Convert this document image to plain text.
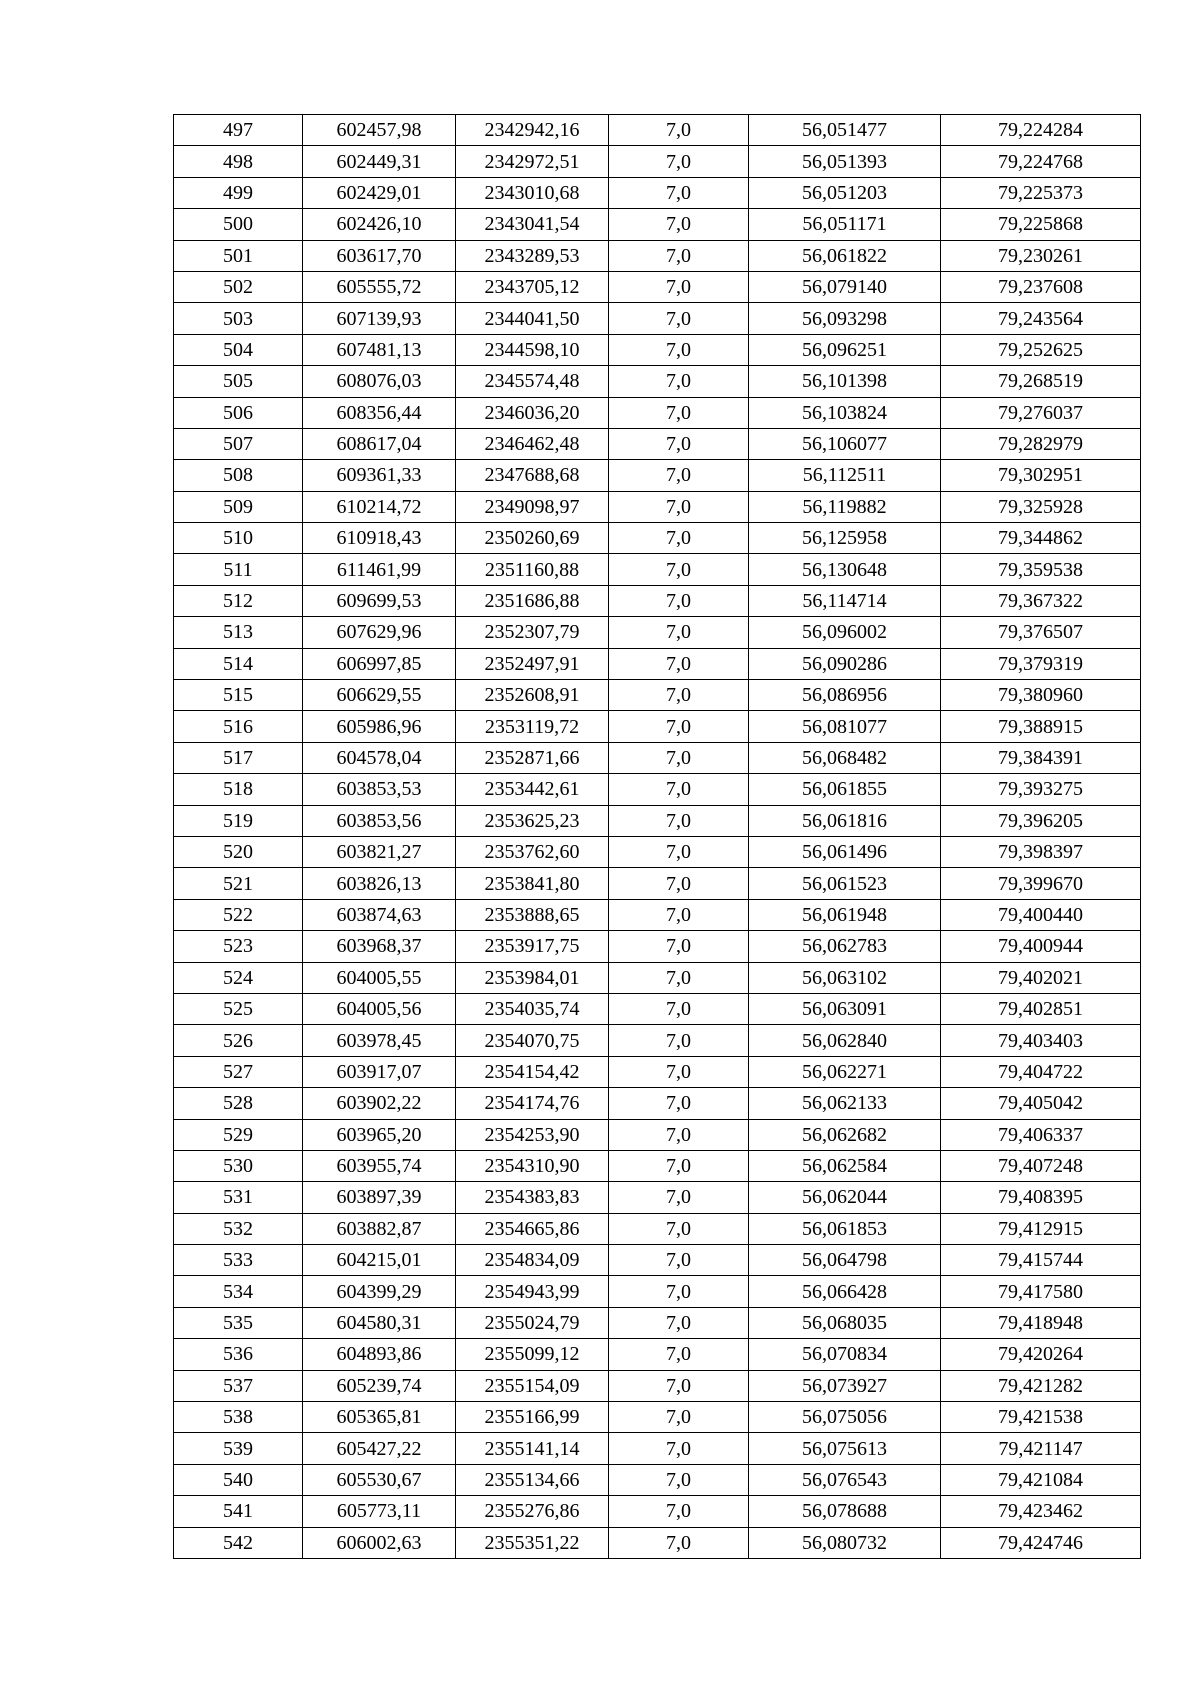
497	602457,98	2342942,16	7,0	56,051477	79,224284
498	602449,31	2342972,51	7,0	56,051393	79,224768
499	602429,01	2343010,68	7,0	56,051203	79,225373
500	602426,10	2343041,54	7,0	56,051171	79,225868
501	603617,70	2343289,53	7,0	56,061822	79,230261
502	605555,72	2343705,12	7,0	56,079140	79,237608
503	607139,93	2344041,50	7,0	56,093298	79,243564
504	607481,13	2344598,10	7,0	56,096251	79,252625
505	608076,03	2345574,48	7,0	56,101398	79,268519
506	608356,44	2346036,20	7,0	56,103824	79,276037
507	608617,04	2346462,48	7,0	56,106077	79,282979
508	609361,33	2347688,68	7,0	56,112511	79,302951
509	610214,72	2349098,97	7,0	56,119882	79,325928
510	610918,43	2350260,69	7,0	56,125958	79,344862
511	611461,99	2351160,88	7,0	56,130648	79,359538
512	609699,53	2351686,88	7,0	56,114714	79,367322
513	607629,96	2352307,79	7,0	56,096002	79,376507
514	606997,85	2352497,91	7,0	56,090286	79,379319
515	606629,55	2352608,91	7,0	56,086956	79,380960
516	605986,96	2353119,72	7,0	56,081077	79,388915
517	604578,04	2352871,66	7,0	56,068482	79,384391
518	603853,53	2353442,61	7,0	56,061855	79,393275
519	603853,56	2353625,23	7,0	56,061816	79,396205
520	603821,27	2353762,60	7,0	56,061496	79,398397
521	603826,13	2353841,80	7,0	56,061523	79,399670
522	603874,63	2353888,65	7,0	56,061948	79,400440
523	603968,37	2353917,75	7,0	56,062783	79,400944
524	604005,55	2353984,01	7,0	56,063102	79,402021
525	604005,56	2354035,74	7,0	56,063091	79,402851
526	603978,45	2354070,75	7,0	56,062840	79,403403
527	603917,07	2354154,42	7,0	56,062271	79,404722
528	603902,22	2354174,76	7,0	56,062133	79,405042
529	603965,20	2354253,90	7,0	56,062682	79,406337
530	603955,74	2354310,90	7,0	56,062584	79,407248
531	603897,39	2354383,83	7,0	56,062044	79,408395
532	603882,87	2354665,86	7,0	56,061853	79,412915
533	604215,01	2354834,09	7,0	56,064798	79,415744
534	604399,29	2354943,99	7,0	56,066428	79,417580
535	604580,31	2355024,79	7,0	56,068035	79,418948
536	604893,86	2355099,12	7,0	56,070834	79,420264
537	605239,74	2355154,09	7,0	56,073927	79,421282
538	605365,81	2355166,99	7,0	56,075056	79,421538
539	605427,22	2355141,14	7,0	56,075613	79,421147
540	605530,67	2355134,66	7,0	56,076543	79,421084
541	605773,11	2355276,86	7,0	56,078688	79,423462
542	606002,63	2355351,22	7,0	56,080732	79,424746
